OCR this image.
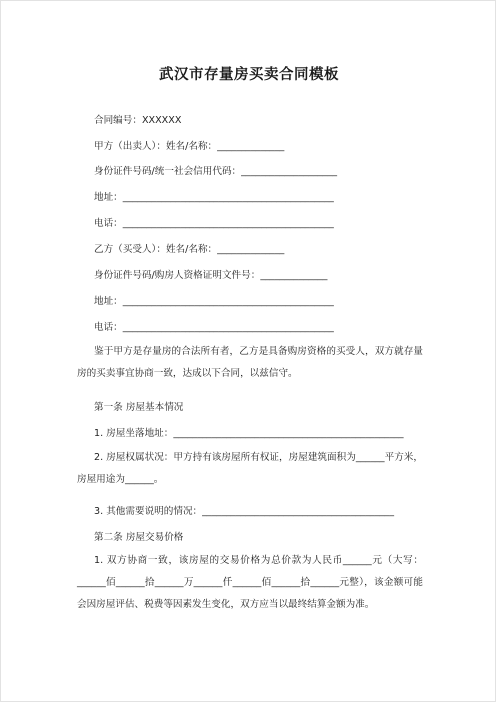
武汉市存量房买卖合同模板
合同编号：XXXXXX
甲方（出卖人）：姓名/名称：______________
身份证件号码/统一社会信用代码：____________________
地址：____________________________________________
电话：____________________________________________
乙方（买受人）：姓名/名称：______________
身份证件号码/购房人资格证明文件号：______________
地址：____________________________________________
电话：____________________________________________
鉴于甲方是存量房的合法所有者，乙方是具备购房资格的买受人，双方就存量房的买卖事宜协商一致，达成以下合同，以兹信守。
第一条 房屋基本情况
1. 房屋坐落地址：________________________________________________
2. 房屋权属状况：甲方持有该房屋所有权证，房屋建筑面积为______平方米，房屋用途为______。
3. 其他需要说明的情况：________________________________________
第二条 房屋交易价格
1. 双方协商一致，该房屋的交易价格为总价款为人民币______元（大写：______佰______拾______万______仟______佰______拾______元整），该金额可能会因房屋评估、税费等因素发生变化，双方应当以最终结算金额为准。
